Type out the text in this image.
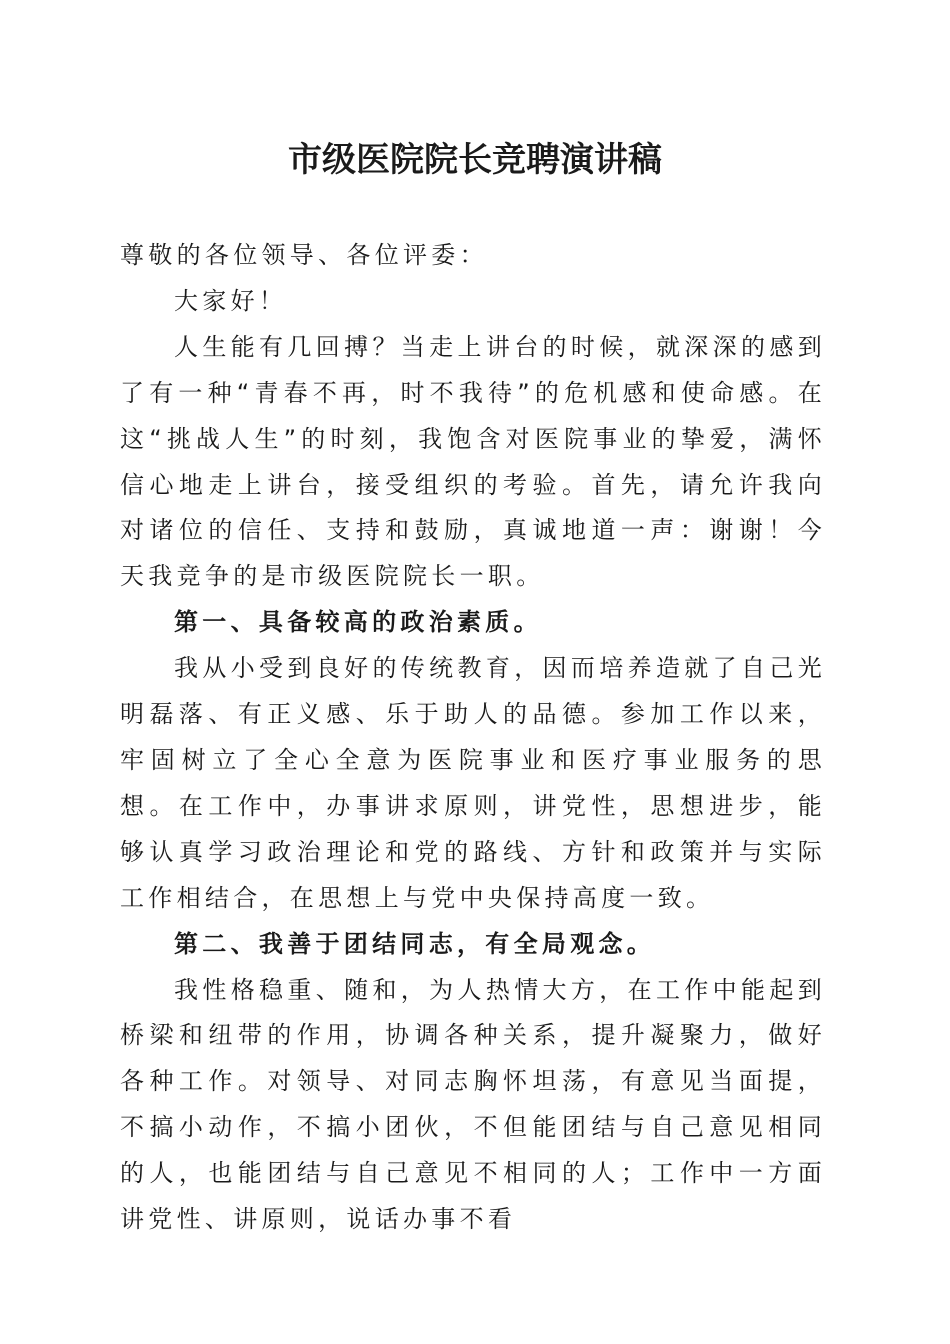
市级医院院长竞聘演讲稿

尊敬的各位领导、各位评委：

大家好！

人生能有几回搏？当走上讲台的时候，就深深的感到了有一种“青春不再，时不我待”的危机感和使命感。在这“挑战人生”的时刻，我饱含对医院事业的挚爱，满怀信心地走上讲台，接受组织的考验。首先，请允许我向对诸位的信任、支持和鼓励，真诚地道一声：谢谢！今天我竞争的是市级医院院长一职。

第一、具备较高的政治素质。

我从小受到良好的传统教育，因而培养造就了自己光明磊落、有正义感、乐于助人的品德。参加工作以来，牢固树立了全心全意为医院事业和医疗事业服务的思想。在工作中，办事讲求原则，讲党性，思想进步，能够认真学习政治理论和党的路线、方针和政策并与实际工作相结合，在思想上与党中央保持高度一致。

第二、我善于团结同志，有全局观念。

我性格稳重、随和，为人热情大方，在工作中能起到桥梁和纽带的作用，协调各种关系，提升凝聚力，做好各种工作。对领导、对同志胸怀坦荡，有意见当面提，不搞小动作，不搞小团伙，不但能团结与自己意见相同的人，也能团结与自己意见不相同的人；工作中一方面讲党性、讲原则，说话办事不看
